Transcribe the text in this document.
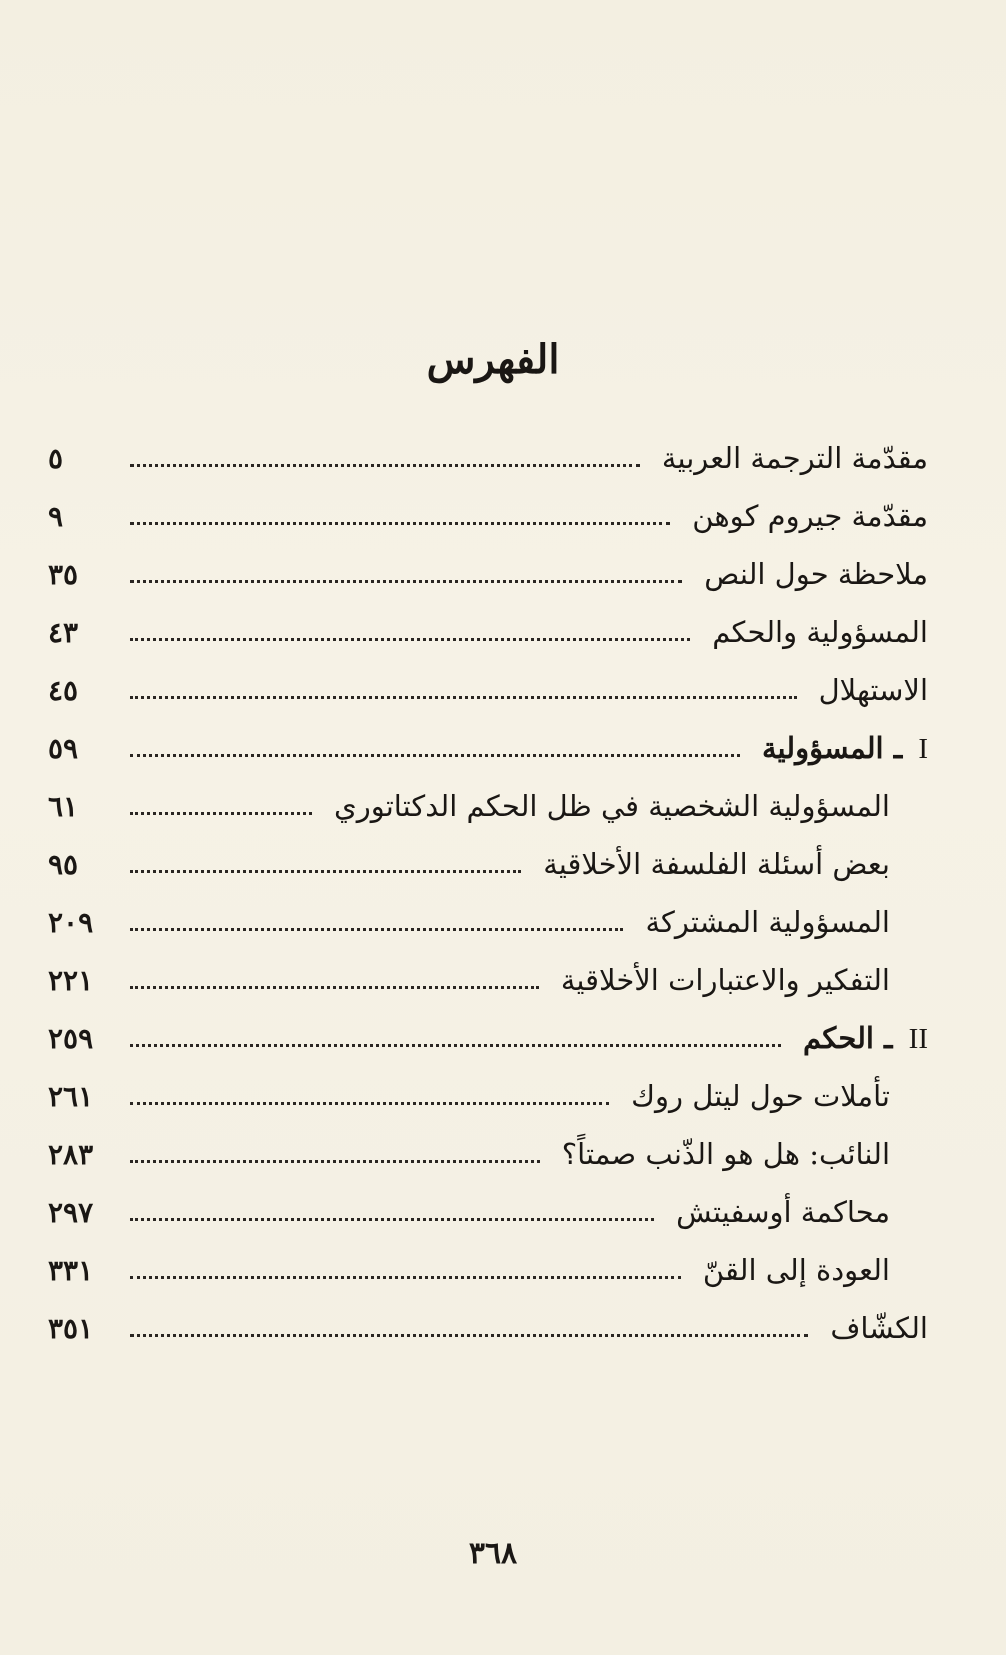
الفهرس
مقدّمة الترجمة العربية
٥
مقدّمة جيروم كوهن
٩
ملاحظة حول النص
٣٥
المسؤولية والحكم
٤٣
الاستهلال
٤٥
I ـ المسؤولية
٥٩
المسؤولية الشخصية في ظل الحكم الدكتاتوري
٦١
بعض أسئلة الفلسفة الأخلاقية
٩٥
المسؤولية المشتركة
٢٠٩
التفكير والاعتبارات الأخلاقية
٢٢١
II ـ الحكم
٢٥٩
تأملات حول ليتل روك
٢٦١
النائب: هل هو الذّنب صمتاً؟
٢٨٣
محاكمة أوسفيتش
٢٩٧
العودة إلى القنّ
٣٣١
الكشّاف
٣٥١
٣٦٨
